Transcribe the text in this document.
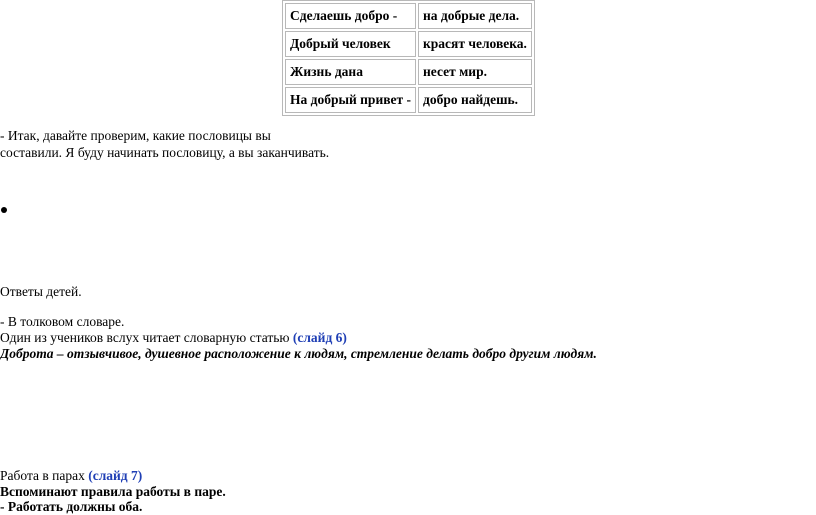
Сделаешь добро -	на добрые дела.
Добрый человек	красят человека.
Жизнь дана	несет мир.
На добрый привет -	добро найдешь.
- Итак, давайте проверим, какие пословицы вы
составили. Я буду начинать пословицу, а вы заканчивать.
Ответы детей.
- В толковом словаре.
Один из учеников вслух читает словарную статью (слайд 6)
Доброта – отзывчивое, душевное расположение к людям, стремление делать добро другим людям.
Работа в парах (слайд 7)
Вспоминают правила работы в паре.
- Работать должны оба.
